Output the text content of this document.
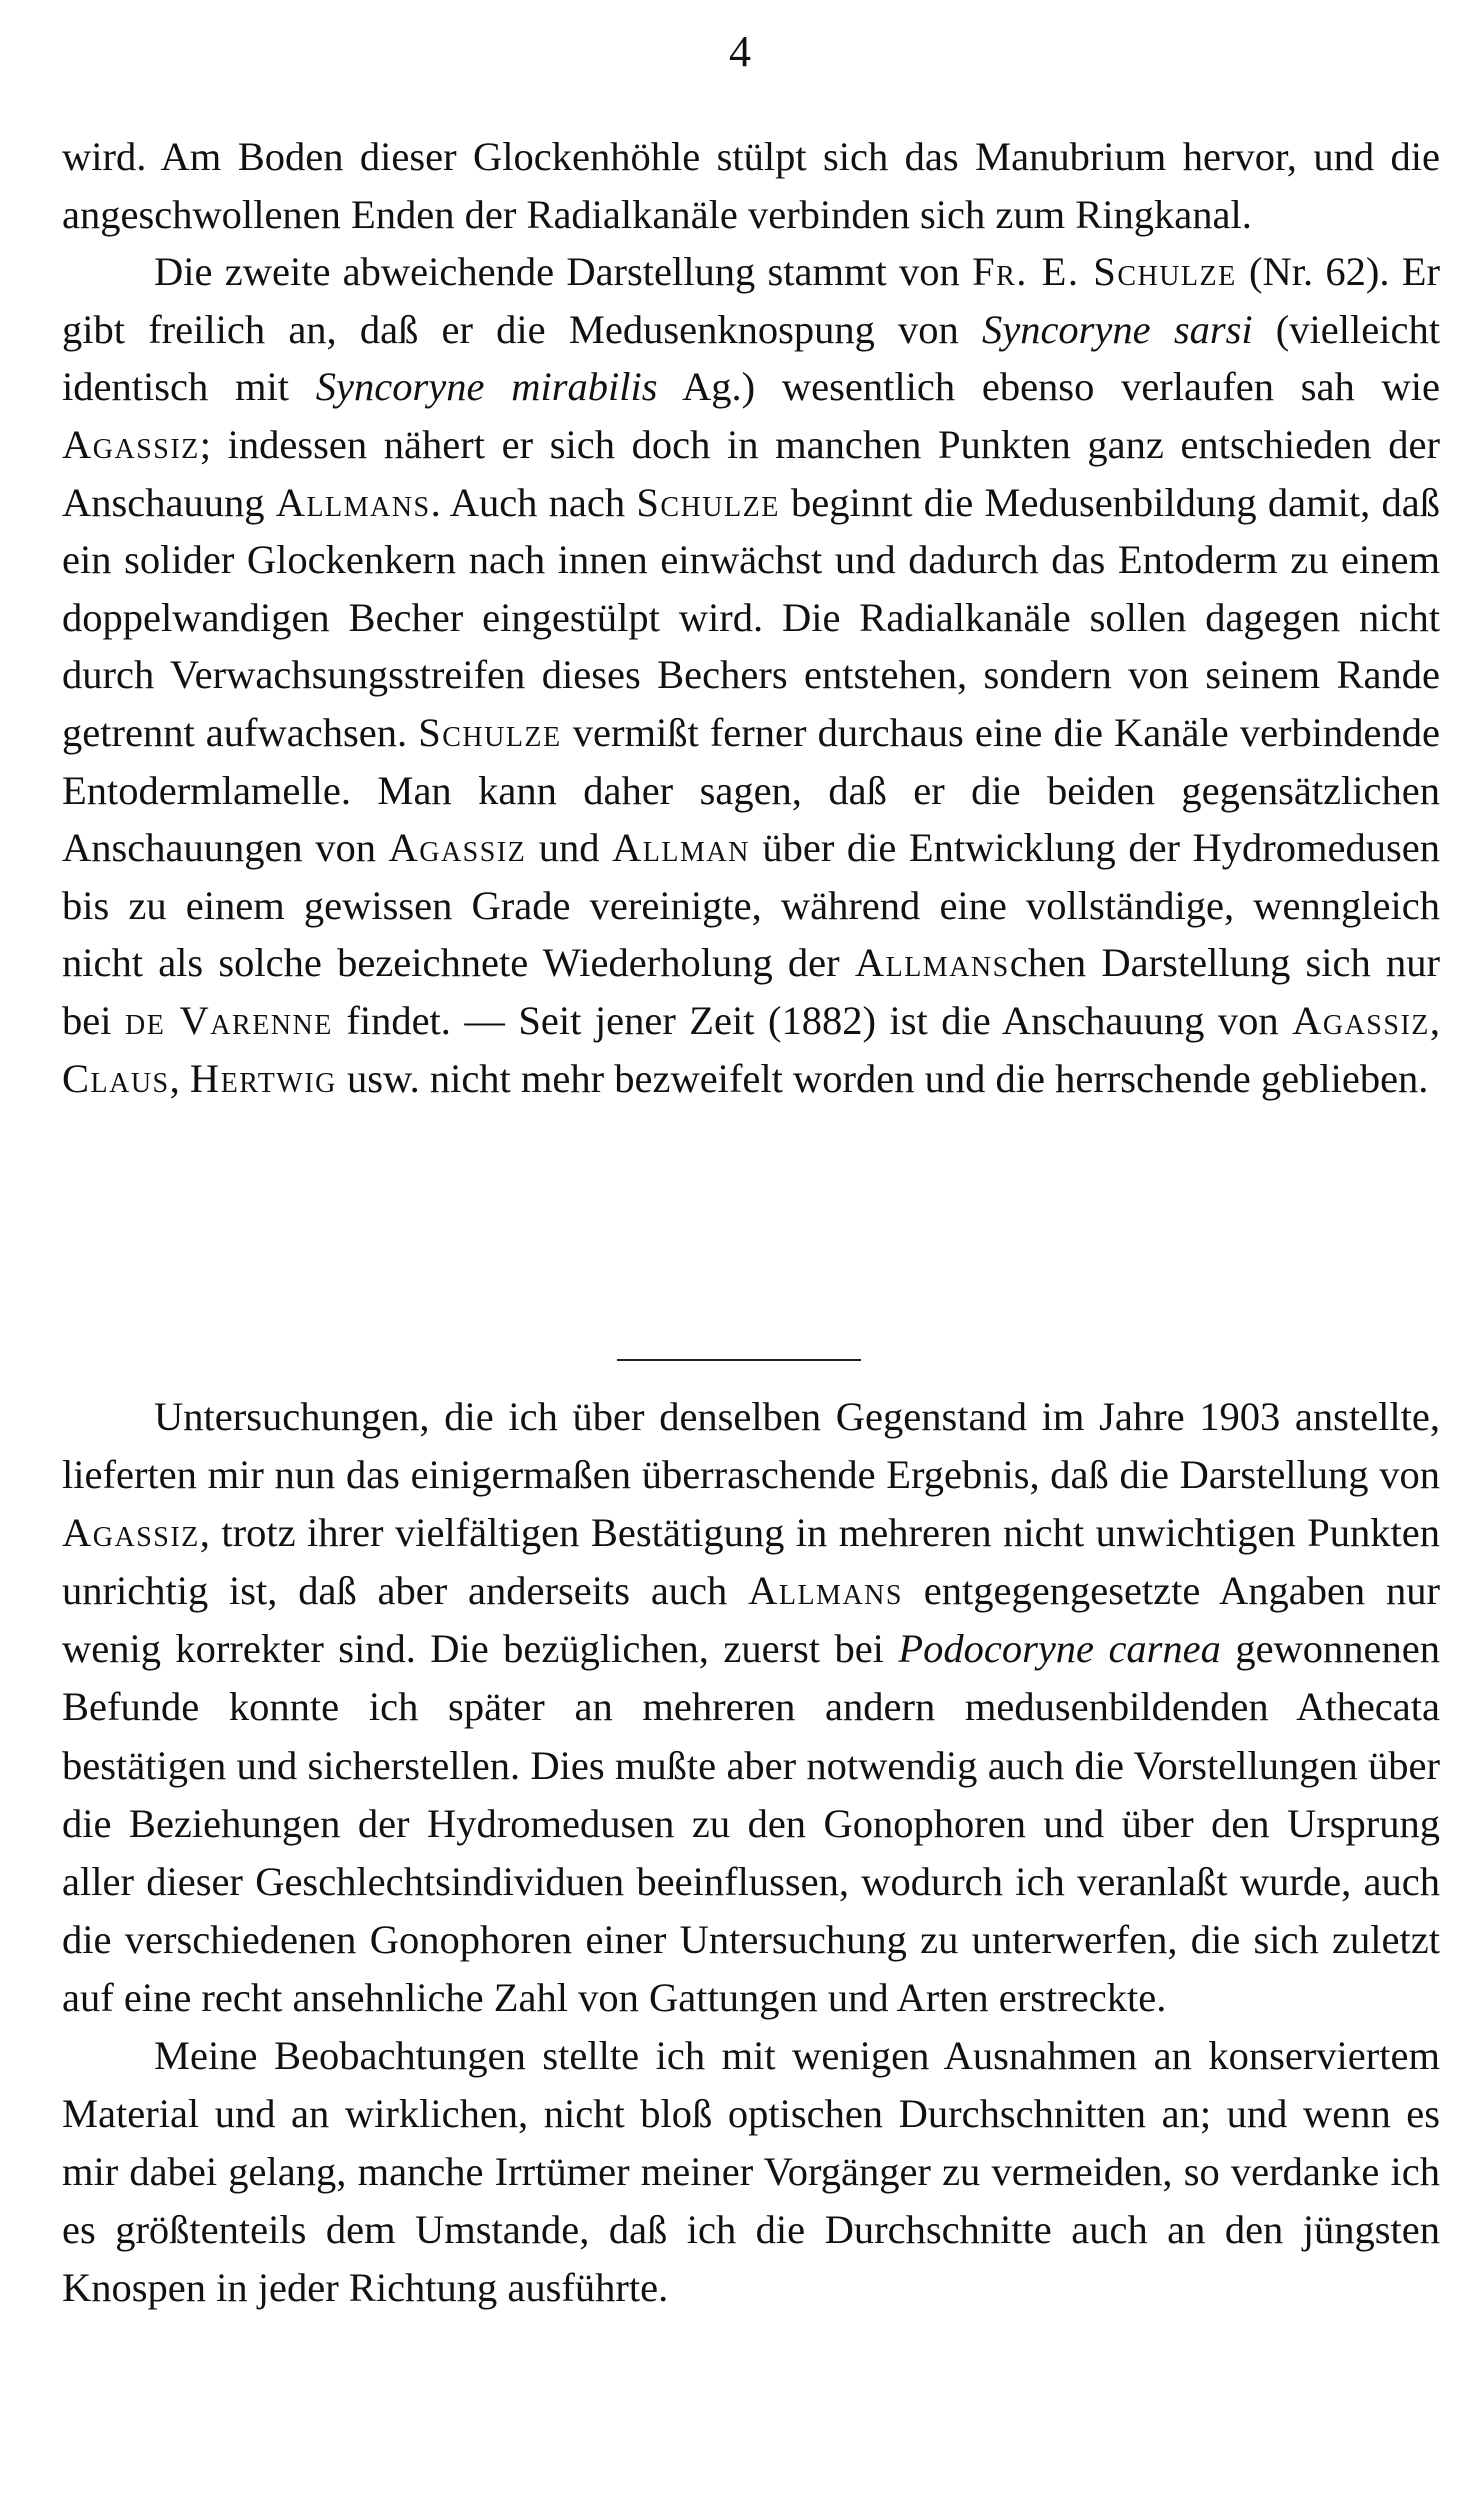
4

wird. Am Boden dieser Glockenhöhle stülpt sich das Manubrium hervor, und die angeschwollenen Enden der Radialkanäle verbinden sich zum Ringkanal.

Die zweite abweichende Darstellung stammt von Fr. E. Schulze (Nr. 62). Er gibt freilich an, daß er die Medusenknospung von Syncoryne sarsi (vielleicht identisch mit Syncoryne mirabilis Ag.) wesentlich ebenso verlaufen sah wie Agassiz; indessen nähert er sich doch in manchen Punkten ganz entschieden der Anschauung Allmans. Auch nach Schulze beginnt die Medusenbildung damit, daß ein solider Glockenkern nach innen einwächst und dadurch das Entoderm zu einem doppelwandigen Becher eingestülpt wird. Die Radialkanäle sollen dagegen nicht durch Verwachsungsstreifen dieses Bechers entstehen, sondern von seinem Rande getrennt aufwachsen. Schulze vermißt ferner durchaus eine die Kanäle verbindende Entodermlamelle. Man kann daher sagen, daß er die beiden gegensätzlichen Anschauungen von Agassiz und Allman über die Entwicklung der Hydromedusen bis zu einem gewissen Grade vereinigte, während eine vollständige, wenngleich nicht als solche bezeichnete Wiederholung der Allmanschen Darstellung sich nur bei de Varenne findet. — Seit jener Zeit (1882) ist die Anschauung von Agassiz, Claus, Hertwig usw. nicht mehr bezweifelt worden und die herrschende geblieben.

Untersuchungen, die ich über denselben Gegenstand im Jahre 1903 anstellte, lieferten mir nun das einigermaßen überraschende Ergebnis, daß die Darstellung von Agassiz, trotz ihrer vielfältigen Bestätigung in mehreren nicht unwichtigen Punkten unrichtig ist, daß aber anderseits auch Allmans entgegengesetzte Angaben nur wenig korrekter sind. Die bezüglichen, zuerst bei Podocoryne carnea gewonnenen Befunde konnte ich später an mehreren andern medusenbildenden Athecata bestätigen und sicherstellen. Dies mußte aber notwendig auch die Vorstellungen über die Beziehungen der Hydromedusen zu den Gonophoren und über den Ursprung aller dieser Geschlechtsindividuen beeinflussen, wodurch ich veranlaßt wurde, auch die verschiedenen Gonophoren einer Untersuchung zu unterwerfen, die sich zuletzt auf eine recht ansehnliche Zahl von Gattungen und Arten erstreckte.

Meine Beobachtungen stellte ich mit wenigen Ausnahmen an konserviertem Material und an wirklichen, nicht bloß optischen Durchschnitten an; und wenn es mir dabei gelang, manche Irrtümer meiner Vorgänger zu vermeiden, so verdanke ich es größtenteils dem Umstande, daß ich die Durchschnitte auch an den jüngsten Knospen in jeder Richtung ausführte.
